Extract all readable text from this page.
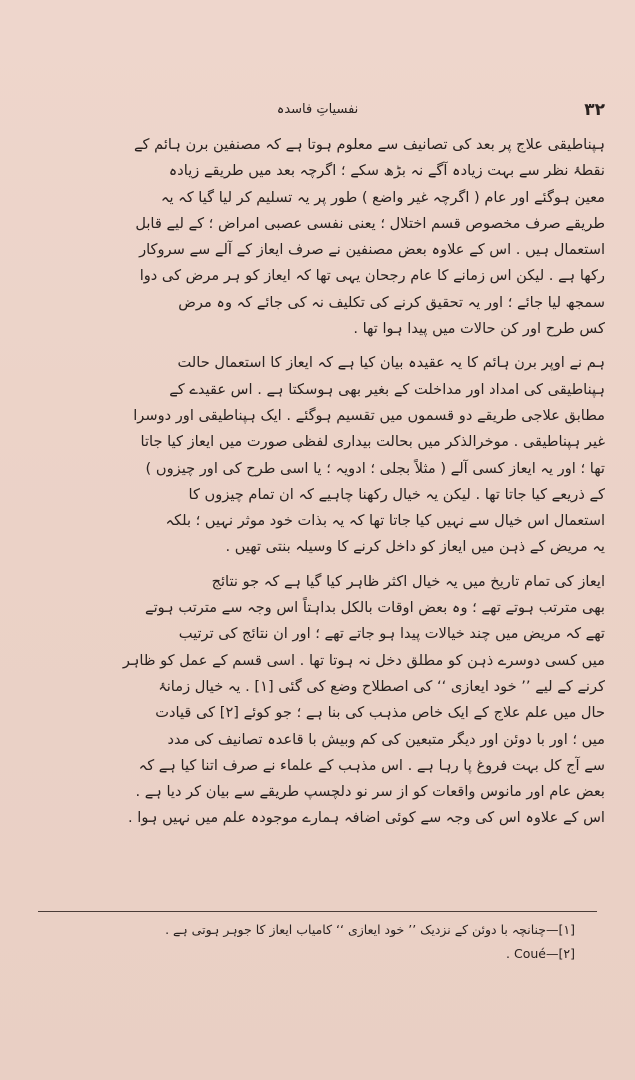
۳۲
نفسیاتِ فاسدہ

ہپناطیقی علاج پر بعد کی تصانیف سے معلوم ہوتا ہے کہ مصنفین برن ہائم کے

نقطۂ نظر سے بہت زیادہ آگے نہ بڑھ سکے ؛ اگرچہ بعد میں طریقے زیادہ

معین ہوگئے اور عام ( اگرچہ غیر واضع ) طور پر یہ تسلیم کر لیا گیا کہ یہ

طریقے صرف مخصوص قسم اختلال ؛ یعنی نفسی عصبی امراض ؛ کے لیے قابل

استعمال ہیں . اس کے علاوہ بعض مصنفین نے صرف ایعاز کے آلے سے سروکار

رکھا ہے . لیکن اس زمانے کا عام رجحان یہی تھا کہ ایعاز کو ہر مرض کی دوا

سمجھ لیا جائے ؛ اور یہ تحقیق کرنے کی تکلیف نہ کی جائے کہ وہ مرض

کس طرح اور کن حالات میں پیدا ہوا تھا .

ہم نے اوپر برن ہائم کا یہ عقیدہ بیان کیا ہے کہ ایعاز کا استعمال حالت

ہپناطیقی کی امداد اور مداخلت کے بغیر بھی ہوسکتا ہے . اس عقیدے کے

مطابق علاجی طریقے دو قسموں میں تقسیم ہوگئے . ایک ہپناطیقی اور دوسرا

غیر ہپناطیقی . موخرالذکر میں بحالت بیداری لفظی صورت میں ایعاز کیا جاتا

تھا ؛ اور یہ ایعاز کسی آلے ( مثلاً بجلی ؛ ادویہ ؛ یا اسی طرح کی اور چیزوں )

کے ذریعے کیا جاتا تھا . لیکن یہ خیال رکھنا چاہیے کہ ان تمام چیزوں کا

استعمال اس خیال سے نہیں کیا جاتا تھا کہ یہ بذات خود موثر نہیں ؛ بلکہ

یہ مریض کے ذہن میں ایعاز کو داخل کرنے کا وسیلہ بنتی تھیں .

ایعاز کی تمام تاریخ میں یہ خیال اکثر ظاہر کیا گیا ہے کہ جو نتائج

بھی مترتب ہوتے تھے ؛ وہ بعض اوقات بالکل بداہتاً اس وجہ سے مترتب ہوتے

تھے کہ مریض میں چند خیالات پیدا ہو جاتے تھے ؛ اور ان نتائج کی ترتیب

میں کسی دوسرے ذہن کو مطلق دخل نہ ہوتا تھا . اسی قسم کے عمل کو ظاہر

کرنے کے لیے ’’ خود ایعازی ‘‘ کی اصطلاح وضع کی گئی [۱] . یہ خیال زمانۂ

حال میں علم علاج کے ایک خاص مذہب کی بنا ہے ؛ جو کوئے [۲] کی قیادت

میں ؛ اور با دوئن اور دیگر متبعین کی کم وبیش با قاعدہ تصانیف کی مدد

سے آج کل بہت فروغ پا رہا ہے . اس مذہب کے علماء نے صرف اتنا کیا ہے کہ

بعض عام اور مانوس واقعات کو از سر نو دلچسپ طریقے سے بیان کر دیا ہے .

اس کے علاوہ اس کی وجہ سے کوئی اضافہ ہمارے موجودہ علم میں نہیں ہوا .

[۱]—چنانچہ با دوئن کے نزدیک ’’ خود ایعازی ‘‘ کامیاب ایعاز کا جوہر ہوتی ہے .

[۲]—Coué .
